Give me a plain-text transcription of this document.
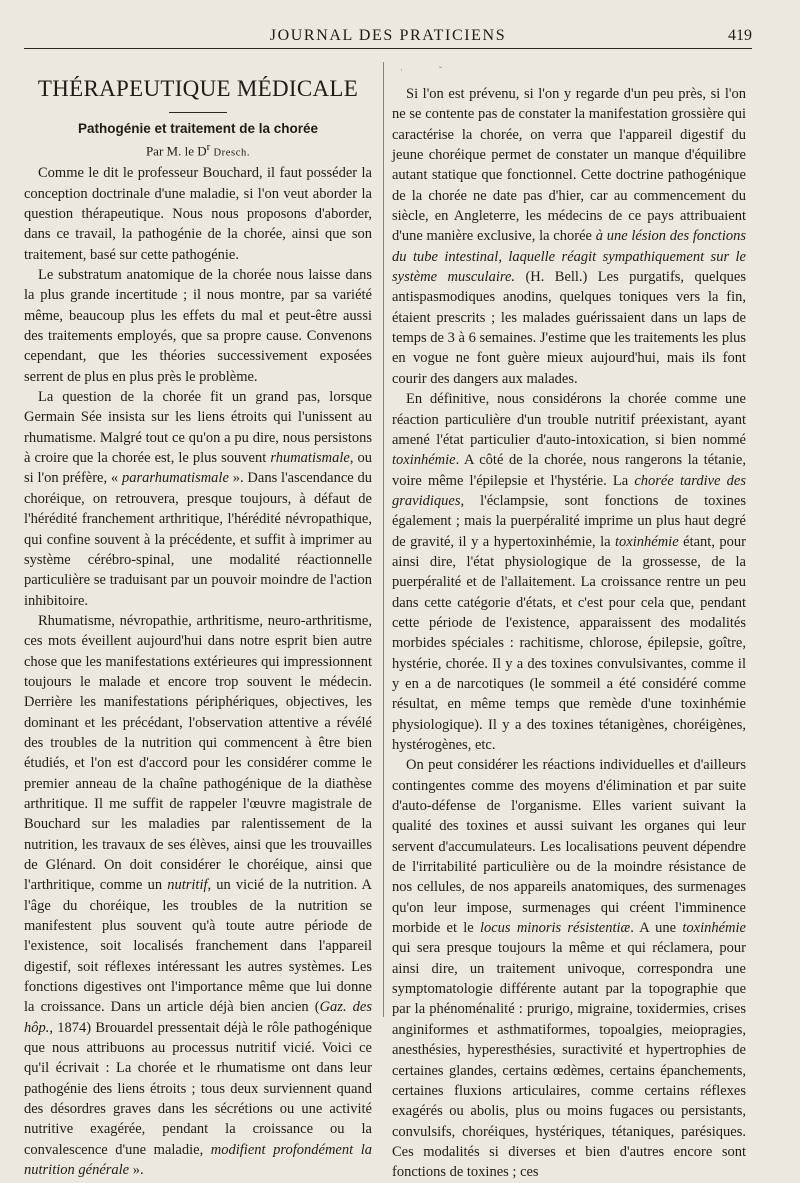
JOURNAL DES PRATICIENS	419
THÉRAPEUTIQUE MÉDICALE
Pathogénie et traitement de la chorée
Par M. le $D^r$ Dresch.

Comme le dit le professeur Bouchard, il faut posséder la conception doctrinale d'une maladie, si l'on veut aborder la question thérapeutique. Nous nous proposons d'aborder, dans ce travail, la pathogénie de la chorée, ainsi que son traitement, basé sur cette pathogénie.

Le substratum anatomique de la chorée nous laisse dans la plus grande incertitude ; il nous montre, par sa variété même, beaucoup plus les effets du mal et peut-être aussi des traitements employés, que sa propre cause. Convenons cependant, que les théories successivement exposées serrent de plus en plus près le problème.

La question de la chorée fit un grand pas, lorsque Germain Sée insista sur les liens étroits qui l'unissent au rhumatisme. Malgré tout ce qu'on a pu dire, nous persistons à croire que la chorée est, le plus souvent rhumatismale, ou si l'on préfère, « pararhumatismale ». Dans l'ascendance du choréique, on retrouvera, presque toujours, à défaut de l'hérédité franchement arthritique, l'hérédité névropathique, qui confine souvent à la précédente, et suffit à imprimer au système cérébro-spinal, une modalité réactionnelle particulière se traduisant par un pouvoir moindre de l'action inhibitoire.

Rhumatisme, névropathie, arthritisme, neuro-arthritisme, ces mots éveillent aujourd'hui dans notre esprit bien autre chose que les manifestations extérieures qui impressionnent toujours le malade et encore trop souvent le médecin. Derrière les manifestations périphériques, objectives, les dominant et les précédant, l'observation attentive a révélé des troubles de la nutrition qui commencent à être bien étudiés, et l'on est d'accord pour les considérer comme le premier anneau de la chaîne pathogénique de la diathèse arthritique. Il me suffit de rappeler l'œuvre magistrale de Bouchard sur les maladies par ralentissement de la nutrition, les travaux de ses élèves, ainsi que les trouvailles de Glénard. On doit considérer le choréique, ainsi que l'arthritique, comme un nutritif, un vicié de la nutrition. A l'âge du choréique, les troubles de la nutrition se manifestent plus souvent qu'à toute autre période de l'existence, soit localisés franchement dans l'appareil digestif, soit réflexes intéressant les autres systèmes. Les fonctions digestives ont l'importance même que lui donne la croissance. Dans un article déjà bien ancien (Gaz. des hôp., 1874) Brouardel pressentait déjà le rôle pathogénique que nous attribuons au processus nutritif vicié. Voici ce qu'il écrivait : La chorée et le rhumatisme ont dans leur pathogénie des liens étroits ; tous deux surviennent quand des désordres graves dans les sécrétions ou une activité nutritive exagérée, pendant la croissance ou la convalescence d'une maladie, modifient profondément la nutrition générale ».

·                ˇ

Si l'on est prévenu, si l'on y regarde d'un peu près, si l'on ne se contente pas de constater la manifestation grossière qui caractérise la chorée, on verra que l'appareil digestif du jeune choréique permet de constater un manque d'équilibre autant statique que fonctionnel. Cette doctrine pathogénique de la chorée ne date pas d'hier, car au commencement du siècle, en Angleterre, les médecins de ce pays attribuaient d'une manière exclusive, la chorée à une lésion des fonctions du tube intestinal, laquelle réagit sympathiquement sur le système musculaire. (H. Bell.) Les purgatifs, quelques antispasmodiques anodins, quelques toniques vers la fin, étaient prescrits ; les malades guérissaient dans un laps de temps de 3 à 6 semaines. J'estime que les traitements les plus en vogue ne font guère mieux aujourd'hui, mais ils font courir des dangers aux malades.

En définitive, nous considérons la chorée comme une réaction particulière d'un trouble nutritif préexistant, ayant amené l'état particulier d'auto-intoxication, si bien nommé toxinhémie. A côté de la chorée, nous rangerons la tétanie, voire même l'épilepsie et l'hystérie. La chorée tardive des gravidiques, l'éclampsie, sont fonctions de toxines également ; mais la puerpéralité imprime un plus haut degré de gravité, il y a hypertoxinhémie, la toxinhémie étant, pour ainsi dire, l'état physiologique de la grossesse, de la puerpéralité et de l'allaitement. La croissance rentre un peu dans cette catégorie d'états, et c'est pour cela que, pendant cette période de l'existence, apparaissent des modalités morbides spéciales : rachitisme, chlorose, épilepsie, goître, hystérie, chorée. Il y a des toxines convulsivantes, comme il y en a de narcotiques (le sommeil a été considéré comme résultat, en même temps que remède d'une toxinhémie physiologique). Il y a des toxines tétanigènes, choréigènes, hystérogènes, etc.

On peut considérer les réactions individuelles et d'ailleurs contingentes comme des moyens d'élimination et par suite d'auto-défense de l'organisme. Elles varient suivant la qualité des toxines et aussi suivant les organes qui leur servent d'accumulateurs. Les localisations peuvent dépendre de l'irritabilité particulière ou de la moindre résistance de nos cellules, de nos appareils anatomiques, des surmenages qu'on leur impose, surmenages qui créent l'imminence morbide et le locus minoris résistentiæ. A une toxinhémie qui sera presque toujours la même et qui réclamera, pour ainsi dire, un traitement univoque, correspondra une symptomatologie différente autant par la topographie que par la phénoménalité : prurigo, migraine, toxidermies, crises anginiformes et asthmatiformes, topoalgies, meiopragies, anesthésies, hyperesthésies, suractivité et hypertrophies de certaines glandes, certains œdèmes, certains épanchements, certaines fluxions articulaires, comme certains réflexes exagérés ou abolis, plus ou moins fugaces ou persistants, convulsifs, choréiques, hystériques, tétaniques, parésiques. Ces modalités si diverses et bien d'autres encore sont fonctions de toxines ; ces
